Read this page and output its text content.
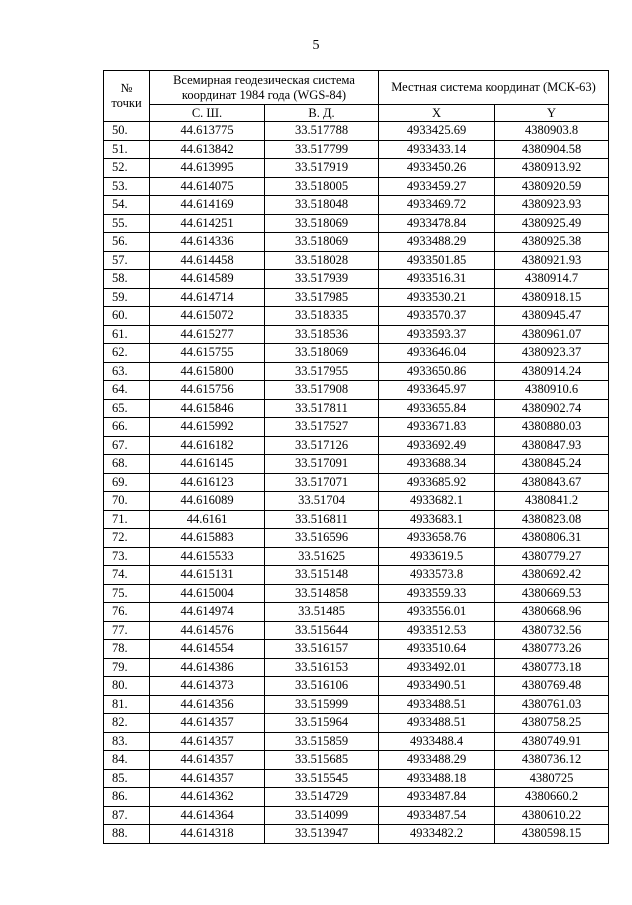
5
№
точки	Всемирная геодезическая система
координат 1984 года (WGS-84)		Местная система координат (МСК-63)	
	С. Ш.	В. Д.	X	Y
50.	44.613775	33.517788	4933425.69	4380903.8
51.	44.613842	33.517799	4933433.14	4380904.58
52.	44.613995	33.517919	4933450.26	4380913.92
53.	44.614075	33.518005	4933459.27	4380920.59
54.	44.614169	33.518048	4933469.72	4380923.93
55.	44.614251	33.518069	4933478.84	4380925.49
56.	44.614336	33.518069	4933488.29	4380925.38
57.	44.614458	33.518028	4933501.85	4380921.93
58.	44.614589	33.517939	4933516.31	4380914.7
59.	44.614714	33.517985	4933530.21	4380918.15
60.	44.615072	33.518335	4933570.37	4380945.47
61.	44.615277	33.518536	4933593.37	4380961.07
62.	44.615755	33.518069	4933646.04	4380923.37
63.	44.615800	33.517955	4933650.86	4380914.24
64.	44.615756	33.517908	4933645.97	4380910.6
65.	44.615846	33.517811	4933655.84	4380902.74
66.	44.615992	33.517527	4933671.83	4380880.03
67.	44.616182	33.517126	4933692.49	4380847.93
68.	44.616145	33.517091	4933688.34	4380845.24
69.	44.616123	33.517071	4933685.92	4380843.67
70.	44.616089	33.51704	4933682.1	4380841.2
71.	44.6161	33.516811	4933683.1	4380823.08
72.	44.615883	33.516596	4933658.76	4380806.31
73.	44.615533	33.51625	4933619.5	4380779.27
74.	44.615131	33.515148	4933573.8	4380692.42
75.	44.615004	33.514858	4933559.33	4380669.53
76.	44.614974	33.51485	4933556.01	4380668.96
77.	44.614576	33.515644	4933512.53	4380732.56
78.	44.614554	33.516157	4933510.64	4380773.26
79.	44.614386	33.516153	4933492.01	4380773.18
80.	44.614373	33.516106	4933490.51	4380769.48
81.	44.614356	33.515999	4933488.51	4380761.03
82.	44.614357	33.515964	4933488.51	4380758.25
83.	44.614357	33.515859	4933488.4	4380749.91
84.	44.614357	33.515685	4933488.29	4380736.12
85.	44.614357	33.515545	4933488.18	4380725
86.	44.614362	33.514729	4933487.84	4380660.2
87.	44.614364	33.514099	4933487.54	4380610.22
88.	44.614318	33.513947	4933482.2	4380598.15
